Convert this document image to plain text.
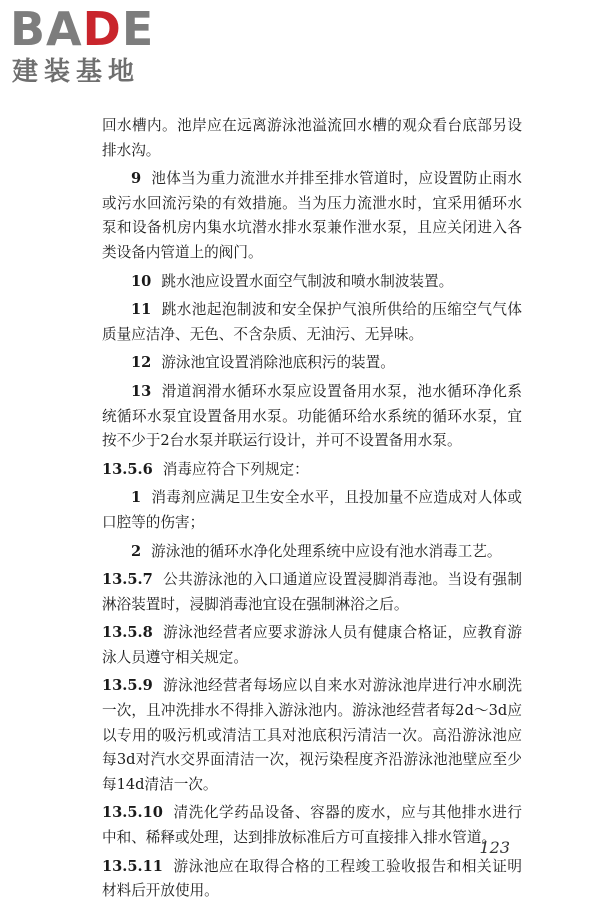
BADE
建装基地

回水槽内。池岸应在远离游泳池溢流回水槽的观众看台底部另设排水沟。

9 池体当为重力流泄水并排至排水管道时，应设置防止雨水或污水回流污染的有效措施。当为压力流泄水时，宜采用循环水泵和设备机房内集水坑潜水排水泵兼作泄水泵，且应关闭进入各类设备内管道上的阀门。

10 跳水池应设置水面空气制波和喷水制波装置。

11 跳水池起泡制波和安全保护气浪所供给的压缩空气气体质量应洁净、无色、不含杂质、无油污、无异味。

12 游泳池宜设置消除池底积污的装置。

13 滑道润滑水循环水泵应设置备用水泵，池水循环净化系统循环水泵宜设置备用水泵。功能循环给水系统的循环水泵，宜按不少于2台水泵并联运行设计，并可不设置备用水泵。

13.5.6 消毒应符合下列规定：

1 消毒剂应满足卫生安全水平，且投加量不应造成对人体或口腔等的伤害；

2 游泳池的循环水净化处理系统中应设有池水消毒工艺。

13.5.7 公共游泳池的入口通道应设置浸脚消毒池。当设有强制淋浴装置时，浸脚消毒池宜设在强制淋浴之后。

13.5.8 游泳池经营者应要求游泳人员有健康合格证，应教育游泳人员遵守相关规定。

13.5.9 游泳池经营者每场应以自来水对游泳池岸进行冲水刷洗一次，且冲洗排水不得排入游泳池内。游泳池经营者每2d～3d应以专用的吸污机或清洁工具对池底积污清洁一次。高沿游泳池应每3d对汽水交界面清洁一次，视污染程度齐沿游泳池池壁应至少每14d清洁一次。

13.5.10 清洗化学药品设备、容器的废水，应与其他排水进行中和、稀释或处理，达到排放标准后方可直接排入排水管道。

13.5.11 游泳池应在取得合格的工程竣工验收报告和相关证明材料后开放使用。

123
